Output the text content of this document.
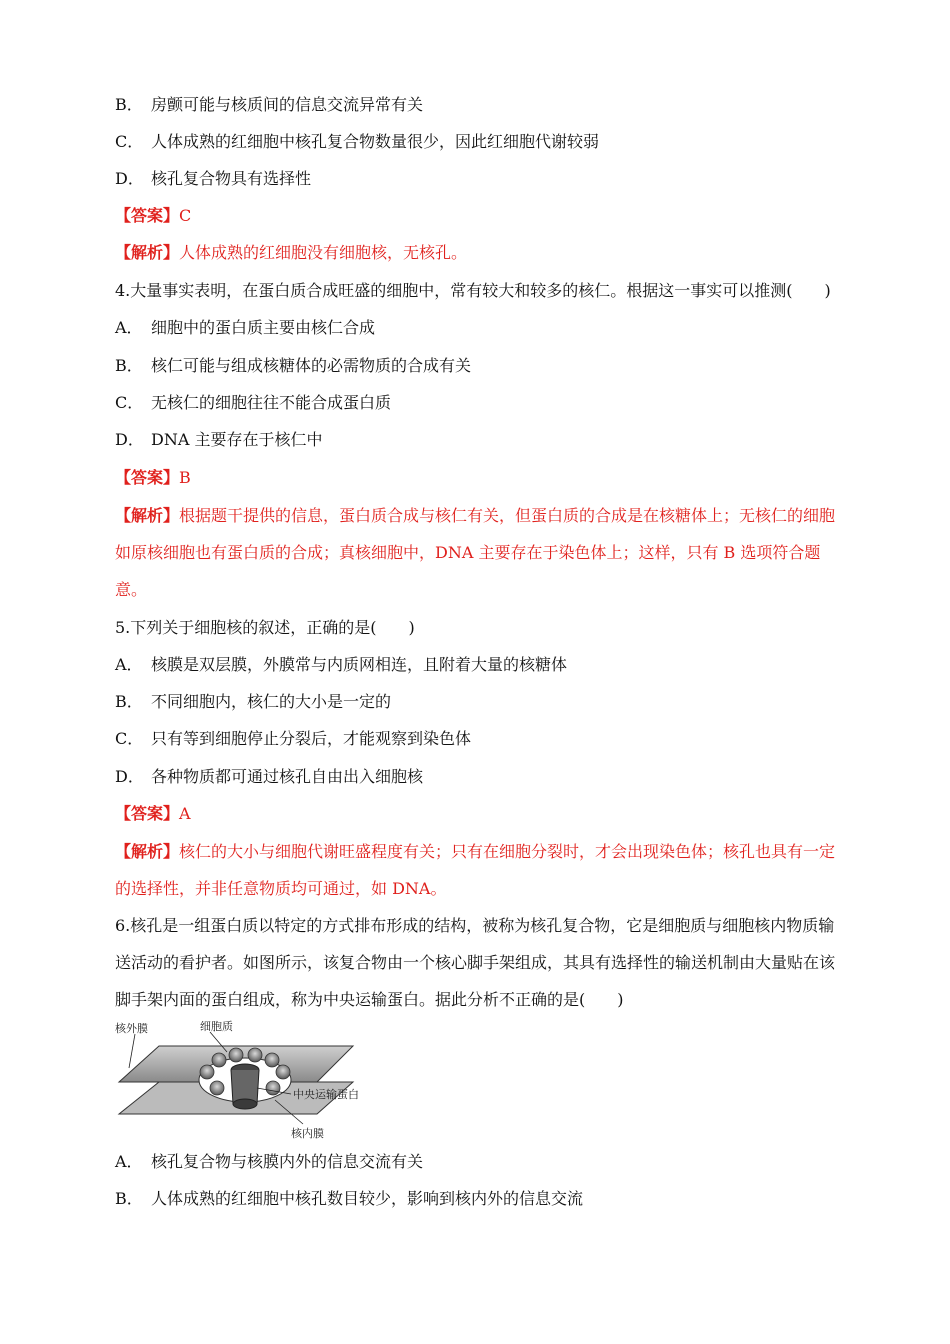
B． 房颤可能与核质间的信息交流异常有关
C． 人体成熟的红细胞中核孔复合物数量很少，因此红细胞代谢较弱
D． 核孔复合物具有选择性
【答案】C
【解析】人体成熟的红细胞没有细胞核，无核孔。
4.大量事实表明，在蛋白质合成旺盛的细胞中，常有较大和较多的核仁。根据这一事实可以推测(　　)
A． 细胞中的蛋白质主要由核仁合成
B． 核仁可能与组成核糖体的必需物质的合成有关
C． 无核仁的细胞往往不能合成蛋白质
D． DNA 主要存在于核仁中
【答案】B
【解析】根据题干提供的信息，蛋白质合成与核仁有关，但蛋白质的合成是在核糖体上；无核仁的细胞如原核细胞也有蛋白质的合成；真核细胞中，DNA 主要存在于染色体上；这样，只有 B 选项符合题意。
5.下列关于细胞核的叙述，正确的是(　　)
A． 核膜是双层膜，外膜常与内质网相连，且附着大量的核糖体
B． 不同细胞内，核仁的大小是一定的
C． 只有等到细胞停止分裂后，才能观察到染色体
D． 各种物质都可通过核孔自由出入细胞核
【答案】A
【解析】核仁的大小与细胞代谢旺盛程度有关；只有在细胞分裂时，才会出现染色体；核孔也具有一定的选择性，并非任意物质均可通过，如 DNA。
6.核孔是一组蛋白质以特定的方式排布形成的结构，被称为核孔复合物，它是细胞质与细胞核内物质输送活动的看护者。如图所示，该复合物由一个核心脚手架组成，其具有选择性的输送机制由大量贴在该脚手架内面的蛋白组成，称为中央运输蛋白。据此分析不正确的是(　　)
核外膜	细胞质
中央运输蛋白
核内膜
A． 核孔复合物与核膜内外的信息交流有关
B． 人体成熟的红细胞中核孔数目较少，影响到核内外的信息交流
